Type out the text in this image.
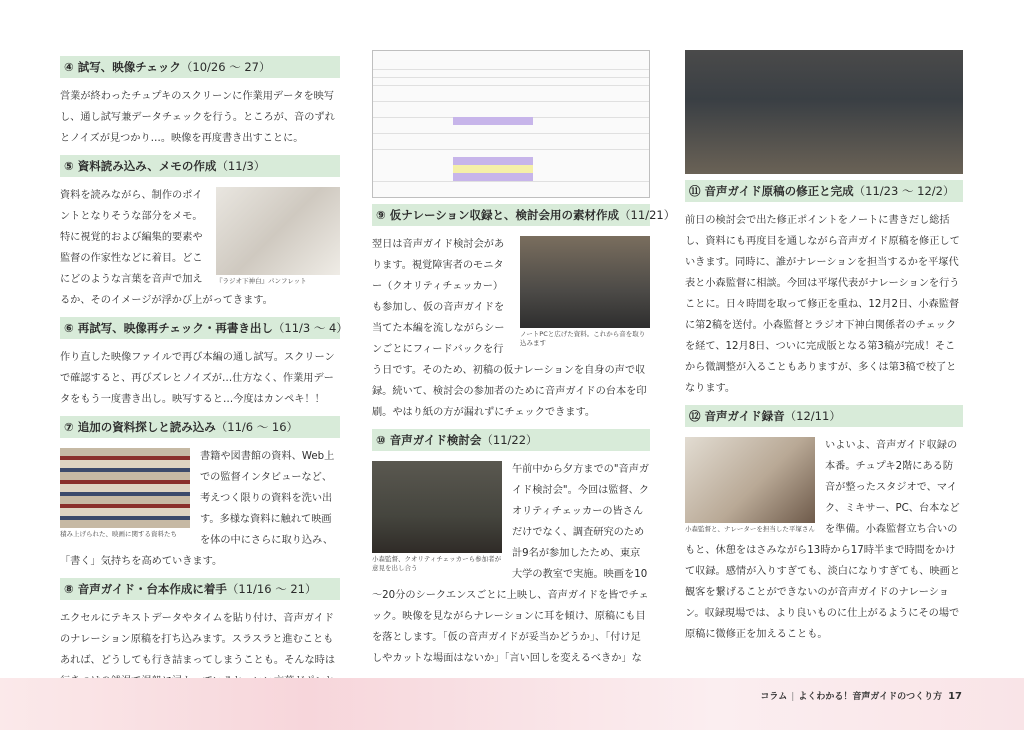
④ 試写、映像チェック（10/26 ～ 27）

営業が終わったチュプキのスクリーンに作業用データを映写し、通し試写兼データチェックを行う。ところが、音のずれとノイズが見つかり…。映像を再度書き出すことに。

⑤ 資料読み込み、メモの作成（11/3）
『ラジオ下神白』パンフレット

資料を読みながら、制作のポイントとなりそうな部分をメモ。特に視覚的および編集的要素や監督の作家性などに着目。どこにどのような言葉を音声で加えるか、そのイメージが浮かび上がってきます。

⑥ 再試写、映像再チェック・再書き出し（11/3 ～ 4）

作り直した映像ファイルで再び本編の通し試写。スクリーンで確認すると、再びズレとノイズが…仕方なく、作業用データをもう一度書き出し。映写すると…今度はカンペキ！！

⑦ 追加の資料探しと読み込み（11/6 ～ 16）
積み上げられた、映画に関する資料たち

書籍や図書館の資料、Web上での監督インタビューなど、考えつく限りの資料を洗い出す。多様な資料に触れて映画を体の中にさらに取り込み、「書く」気持ちを高めていきます。

⑧ 音声ガイド・台本作成に着手（11/16 ～ 21）

エクセルにテキストデータやタイムを貼り付け、音声ガイドのナレーション原稿を打ち込みます。スラスラと進むこともあれば、どうしても行き詰まってしまうことも。そんな時は

⑨ 仮ナレーション収録と、検討会用の素材作成（11/21）
ノートPCと広げた資料。これから音を取り込みます

翌日は音声ガイド検討会があります。視覚障害者のモニター（クオリティチェッカー）も参加し、仮の音声ガイドを当てた本編を流しながらシーンごとにフィードバックを行う日です。そのため、初稿の仮ナレーションを自身の声で収録。続いて、検討会の参加者のために音声ガイドの台本を印刷。やはり紙の方が漏れずにチェックできます。

⑩ 音声ガイド検討会（11/22）
小森監督、クオリティチェッカーら参加者が意見を出し合う

午前中から夕方までの"音声ガイド検討会"。今回は監督、クオリティチェッカーの皆さんだけでなく、調査研究のため計9名が参加したため、東京大学の教室で実施。映画を10～20分のシークエンスごとに上映し、音声ガイドを皆でチェック。映像を見ながらナレーションに耳を傾け、原稿にも目を落とします。「仮の音声ガイドが妥当かどうか」、「付け足しやカットな場面はないか」「言い回しを変えるべきか」な

⑪ 音声ガイド原稿の修正と完成（11/23 ～ 12/2）

前日の検討会で出た修正ポイントをノートに書きだし総括し、資料にも再度目を通しながら音声ガイド原稿を修正していきます。同時に、誰がナレーションを担当するかを平塚代表と小森監督に相談。今回は平塚代表がナレーションを行うことに。日々時間を取って修正を重ね、12月2日、小森監督に第2稿を送付。小森監督とラジオ下神白関係者のチェックを経て、12月8日、ついに完成版となる第3稿が完成！そこから微調整が入ることもありますが、多くは第3稿で校了となります。

⑫ 音声ガイド録音（12/11）
小森監督と、ナレーターを担当した平塚さん

いよいよ、音声ガイド収録の本番。チュプキ2階にある防音が整ったスタジオで、マイク、ミキサー、PC、台本などを準備。小森監督立ち合いのもと、休憩をはさみながら13時から17時半まで時間をかけて収録。感情が入りすぎても、淡白になりすぎても、映画と観客を繋げることができないのが音声ガイドのナレーション。収録現場では、より良いものに仕上がるようにその場で原稿に微修正を加えることも。

コラム | よくわかる！音声ガイドのつくり方 17
